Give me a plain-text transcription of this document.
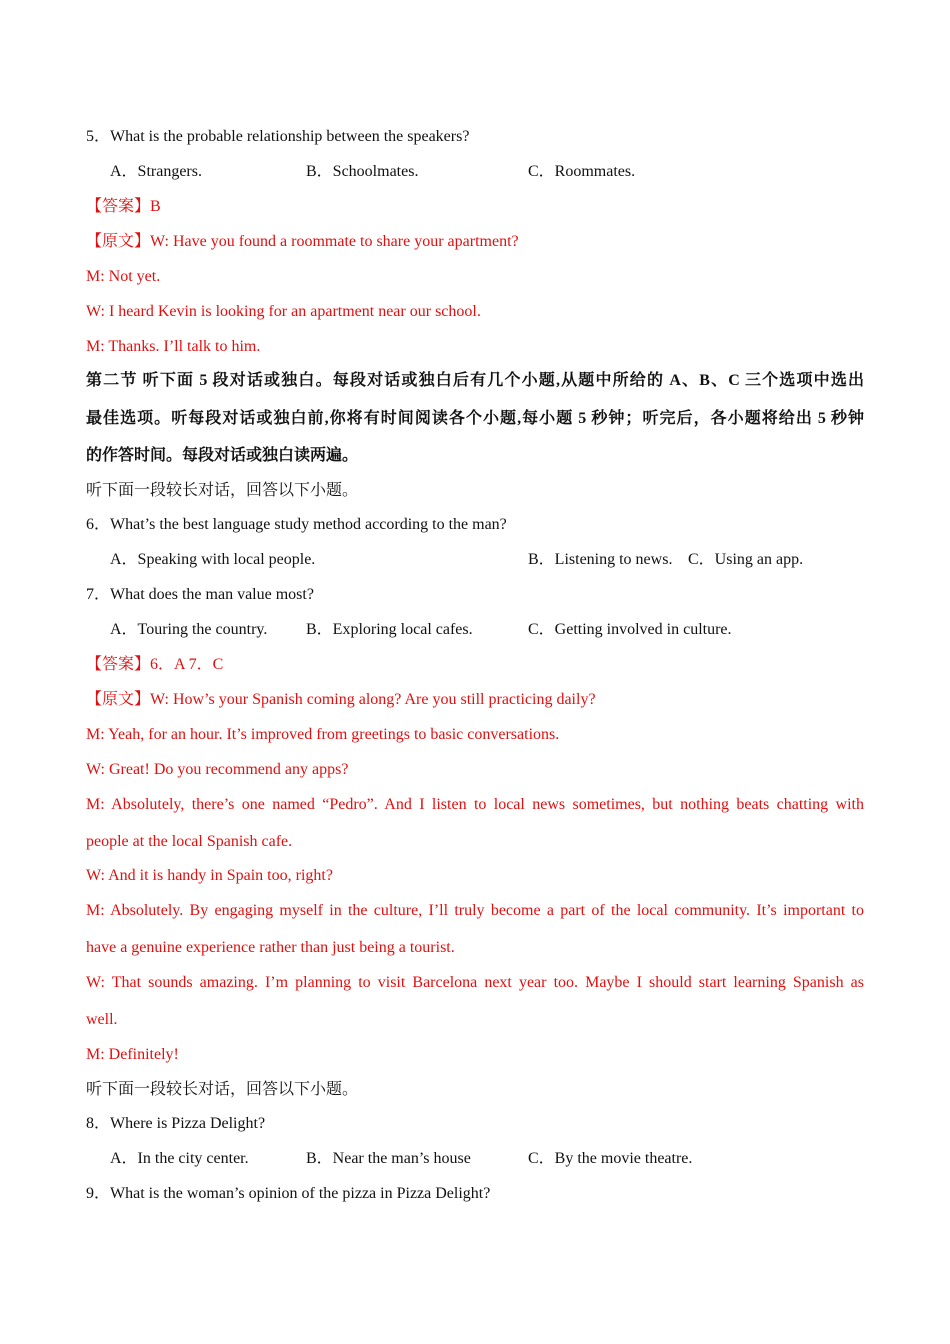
5．What is the probable relationship between the speakers?
A．Strangers.	B．Schoolmates.	C．Roommates.
【答案】B
【原文】W: Have you found a roommate to share your apartment?
M: Not yet.
W: I heard Kevin is looking for an apartment near our school.
M: Thanks. I’ll talk to him.
第二节 听下面 5 段对话或独白。每段对话或独白后有几个小题,从题中所给的 A、B、C 三个选项中选出
最佳选项。听每段对话或独白前,你将有时间阅读各个小题,每小题 5 秒钟；听完后，各小题将给出 5 秒钟
的作答时间。每段对话或独白读两遍。
听下面一段较长对话，回答以下小题。
6．What’s the best language study method according to the man?
A．Speaking with local people.	B．Listening to news. C．Using an app.
7．What does the man value most?
A．Touring the country. B．Exploring local cafes.	C．Getting involved in culture.
【答案】6．A 7．C
【原文】W: How’s your Spanish coming along? Are you still practicing daily?
M: Yeah, for an hour. It’s improved from greetings to basic conversations.
W: Great! Do you recommend any apps?
M: Absolutely, there’s one named “Pedro”. And I listen to local news sometimes, but nothing beats chatting with
people at the local Spanish cafe.
W: And it is handy in Spain too, right?
M: Absolutely. By engaging myself in the culture, I’ll truly become a part of the local community. It’s important to
have a genuine experience rather than just being a tourist.
W: That sounds amazing. I’m planning to visit Barcelona next year too. Maybe I should start learning Spanish as
well.
M: Definitely!
听下面一段较长对话，回答以下小题。
8．Where is Pizza Delight?
A．In the city center.	B．Near the man’s house	C．By the movie theatre.
9．What is the woman’s opinion of the pizza in Pizza Delight?
